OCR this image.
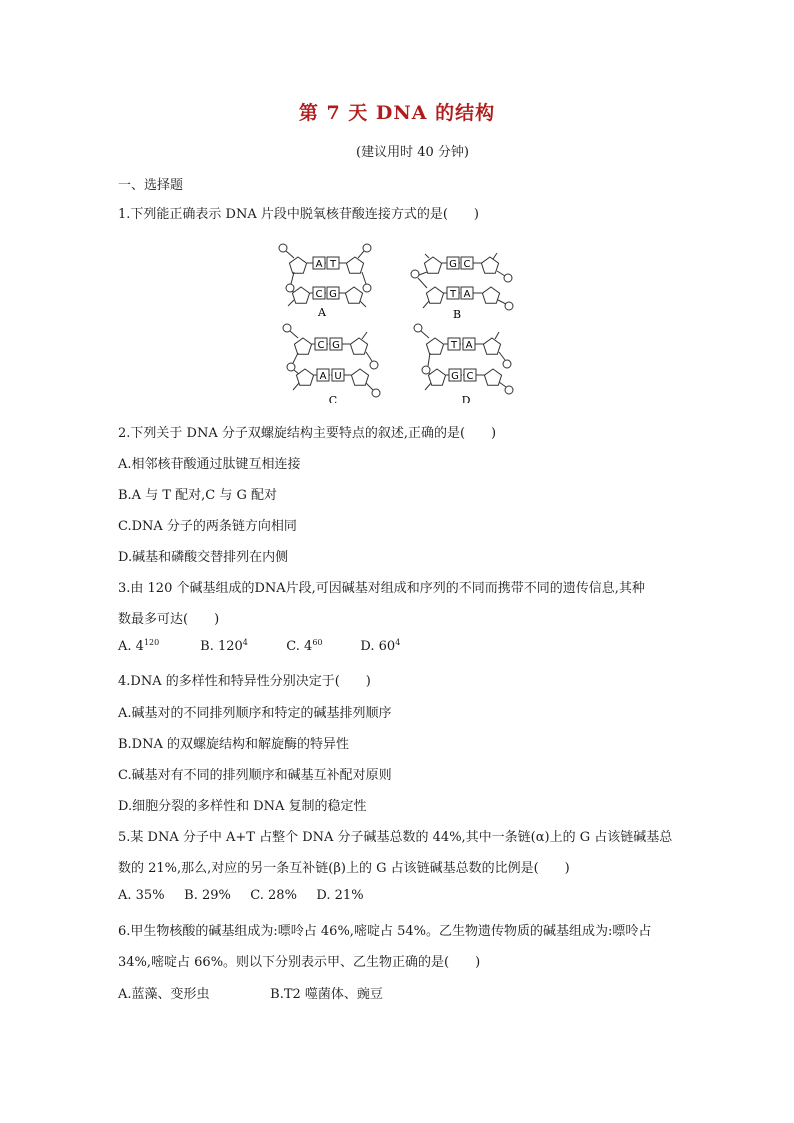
第 7 天 DNA 的结构
(建议用时 40 分钟)
一、选择题
1.下列能正确表示 DNA 片段中脱氧核苷酸连接方式的是(　　)
A T
C G
A
G C
T A
B
C G
A U
C
T A
G C
D
2.下列关于 DNA 分子双螺旋结构主要特点的叙述,正确的是(　　)
A.相邻核苷酸通过肽键互相连接
B.A 与 T 配对,C 与 G 配对
C.DNA 分子的两条链方向相同
D.碱基和磷酸交替排列在内侧
3.由 120 个碱基组成的DNA片段,可因碱基对组成和序列的不同而携带不同的遗传信息,其种
数最多可达(　　)
A. $4^{120}$	B. $120^4$	C. $4^{60}$	D. $60^4$
4.DNA 的多样性和特异性分别决定于(　　)
A.碱基对的不同排列顺序和特定的碱基排列顺序
B.DNA 的双螺旋结构和解旋酶的特异性
C.碱基对有不同的排列顺序和碱基互补配对原则
D.细胞分裂的多样性和 DNA 复制的稳定性
5.某 DNA 分子中 A+T 占整个 DNA 分子碱基总数的 44%,其中一条链(α)上的 G 占该链碱基总
数的 21%,那么,对应的另一条互补链(β)上的 G 占该链碱基总数的比例是(　　)
A. 35% B. 29% C. 28% D. 21%
6.甲生物核酸的碱基组成为:嘌呤占 46%,嘧啶占 54%。乙生物遗传物质的碱基组成为:嘌呤占
34%,嘧啶占 66%。则以下分别表示甲、乙生物正确的是(　　)
A.蓝藻、变形虫	B.T2 噬菌体、豌豆
